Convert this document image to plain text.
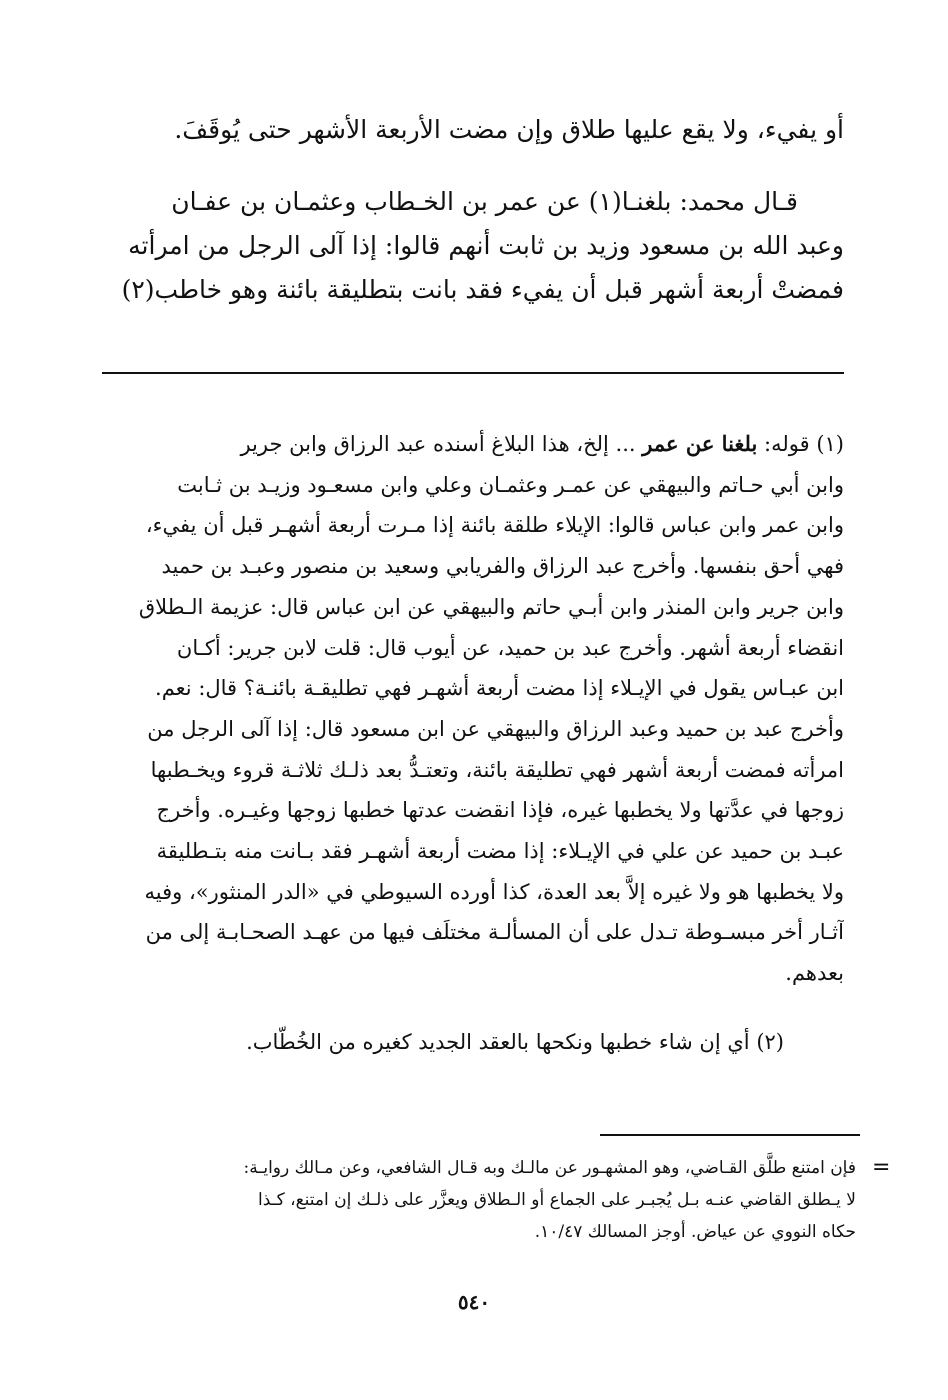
أو يفيء، ولا يقع عليها طلاق وإن مضت الأربعة الأشهر حتى يُوقَفَ.
قـال محمد: بلغنـا(١) عن عمر بن الخـطاب وعثمـان بن عفـان
وعبد الله بن مسعود وزيد بن ثابت أنهم قالوا: إذا آلى الرجل من امرأته
فمضتْ أربعة أشهر قبل أن يفيء فقد بانت بتطليقة بائنة وهو خاطب(٢)
(١) قوله: بلغنا عن عمر ... إلخ، هذا البلاغ أسنده عبد الرزاق وابن جرير
وابن أبي حـاتم والبيهقي عن عمـر وعثمـان وعلي وابن مسعـود وزيـد بن ثـابت
وابن عمر وابن عباس قالوا: الإيلاء طلقة بائنة إذا مـرت أربعة أشهـر قبل أن يفيء،
فهي أحق بنفسها. وأخرج عبد الرزاق والفريابي وسعيد بن منصور وعبـد بن حميد
وابن جرير وابن المنذر وابن أبـي حاتم والبيهقي عن ابن عباس قال: عزيمة الـطلاق
انقضاء أربعة أشهر. وأخرج عبد بن حميد، عن أيوب قال: قلت لابن جرير: أكـان
ابن عبـاس يقول في الإيـلاء إذا مضت أربعة أشهـر فهي تطليقـة بائنـة؟ قال: نعم.
وأخرج عبد بن حميد وعبد الرزاق والبيهقي عن ابن مسعود قال: إذا آلى الرجل من
امرأته فمضت أربعة أشهر فهي تطليقة بائنة، وتعتـدُّ بعد ذلـك ثلاثـة قروء ويخـطبها
زوجها في عدَّتها ولا يخطبها غيره، فإذا انقضت عدتها خطبها زوجها وغيـره. وأخرج
عبـد بن حميد عن علي في الإيـلاء: إذا مضت أربعة أشهـر فقد بـانت منه بتـطليقة
ولا يخطبها هو ولا غيره إلاَّ بعد العدة، كذا أورده السيوطي في «الدر المنثور»، وفيه
آثـار أخر مبسـوطة تـدل على أن المسألـة مختلَف فيها من عهـد الصحـابـة إلى من
بعدهم.
(٢) أي إن شاء خطبها ونكحها بالعقد الجديد كغيره من الخُطّاب.
=
فإن امتنع طلَّق القـاضي، وهو المشهـور عن مالـك وبه قـال الشافعي، وعن مـالك روايـة:
لا يـطلق القاضي عنـه بـل يُجبـر على الجماع أو الـطلاق ويعزَّر على ذلـك إن امتنع، كـذا
حكاه النووي عن عياض. أوجز المسالك ١٠/٤٧.
٥٤٠
